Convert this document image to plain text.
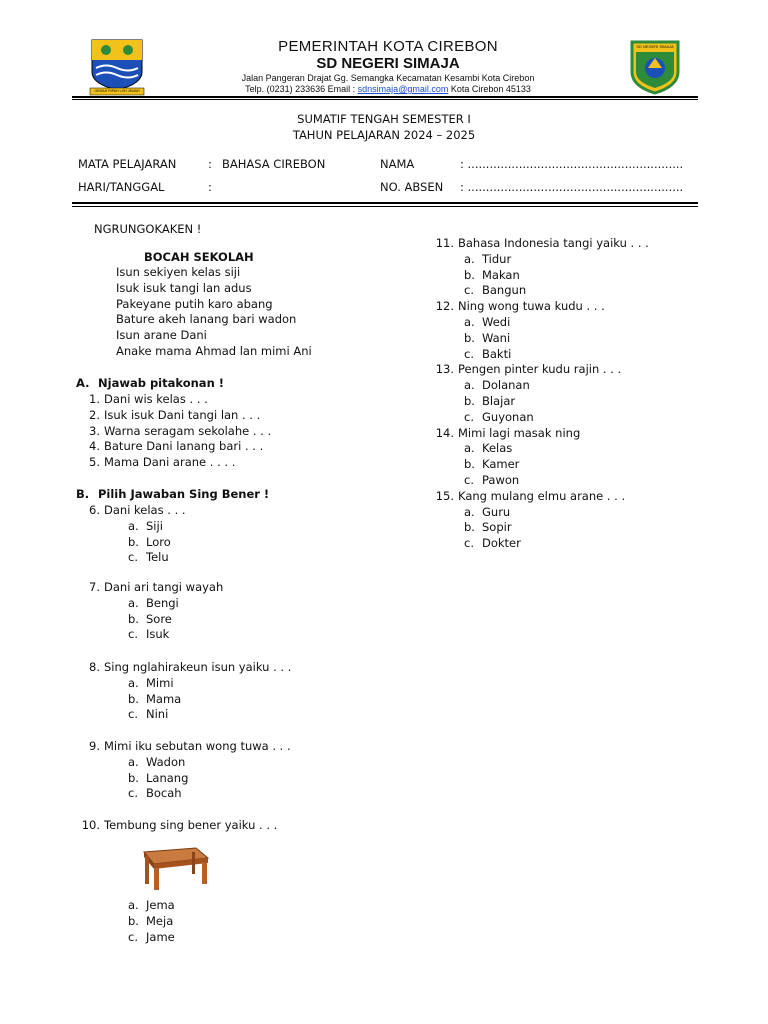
GEMAH RIPAH LOH JINAWI
SD NEGERI SIMAJA
PEMERINTAH KOTA CIREBON
SD NEGERI SIMAJA
Jalan Pangeran Drajat Gg. Semangka Kecamatan Kesambi Kota Cirebon
Telp. (0231) 233636 Email : sdnsimaja@gmail.com Kota Cirebon 45133
SUMATIF TENGAH SEMESTER I
TAHUN PELAJARAN 2024 – 2025
MATA PELAJARAN	: BAHASA CIREBON	NAMA	: ...........................................................
HARI/TANGGAL	:	NO. ABSEN : ...........................................................
NGRUNGOKAKEN !
BOCAH SEKOLAH
Isun sekiyen kelas siji
Isuk isuk tangi lan adus
Pakeyane putih karo abang
Baturе akeh lanang bari wadon
Isun arane Dani
Anake mama Ahmad lan mimi Ani
A. Njawab pitakonan !
1. Dani wis kelas . . .
2. Isuk isuk Dani tangi lan . . .
3. Warna seragam sekolahe . . .
4. Baturе Dani lanang bari . . .
5. Mama Dani arane . . . .
B. Pilih Jawaban Sing Bener !
6. Dani kelas . . .
a. Siji
b. Loro
c. Telu
7. Dani ari tangi wayah
a. Bengi
b. Sore
c. Isuk
8. Sing nglahirakeun isun yaiku . . .
a. Mimi
b. Mama
c. Nini
9. Mimi iku sebutan wong tuwa . . .
a. Wadon
b. Lanang
c. Bocah
10. Tembung sing bener yaiku . . .
a. Jema
b. Meja
c. Jame
11. Bahasa Indonesia tangi yaiku . . .
a. Tidur
b. Makan
c. Bangun
12. Ning wong tuwa kudu . . .
a. Wedi
b. Wani
c. Bakti
13. Pengen pinter kudu rajin . . .
a. Dolanan
b. Blajar
c. Guyonan
14. Mimi lagi masak ning
a. Kelas
b. Kamer
c. Pawon
15. Kang mulang elmu arane . . .
a. Guru
b. Sopir
c. Dokter
